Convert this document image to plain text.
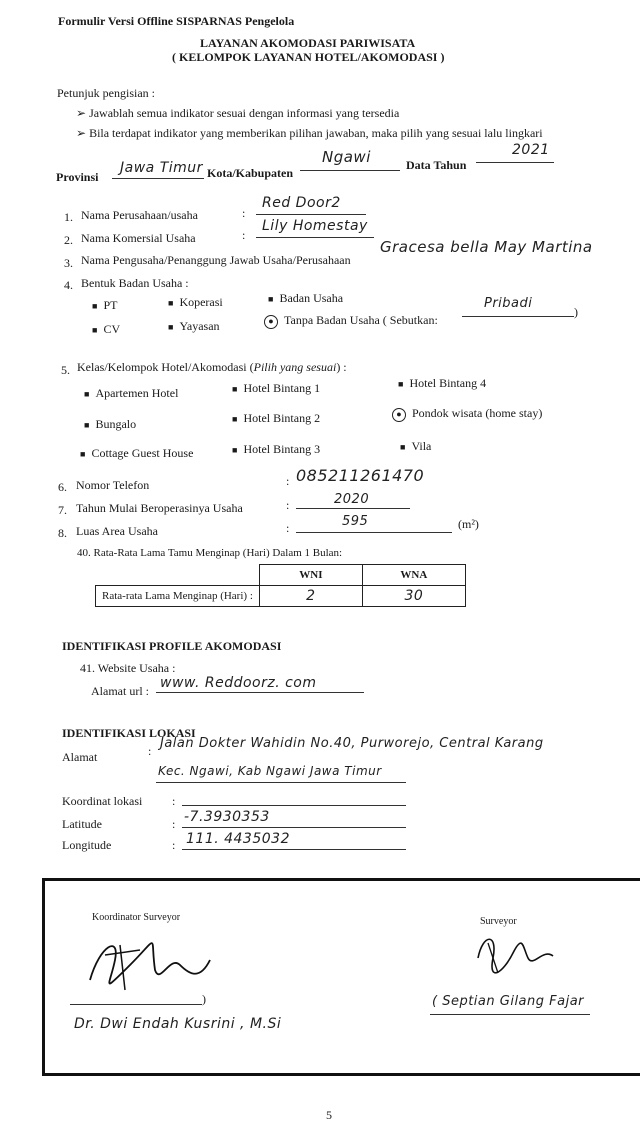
Formulir Versi Offline SISPARNAS Pengelola
LAYANAN AKOMODASI PARIWISATA
( KELOMPOK LAYANAN HOTEL/AKOMODASI )
Petunjuk pengisian :
➢ Jawablah semua indikator sesuai dengan informasi yang tersedia
➢ Bila terdapat indikator yang memberikan pilihan jawaban, maka pilih yang sesuai lalu lingkari
Provinsi
Jawa Timur Kota/Kabupaten
Ngawi	Data Tahun
2021
1. Nama Perusahaan/usaha	:
Red Door2
2. Nama Komersial Usaha	:
Lily Homestay
3. Nama Pengusaha/Penanggung Jawab Usaha/Perusahaan
Gracesa bella May Martina
4. Bentuk Badan Usaha :
■ PT	■ Koperasi	■ Badan Usaha
■ CV	■ Yayasan	● Tanpa Badan Usaha ( Sebutkan:
Pribadi
)
5. Kelas/Kelompok Hotel/Akomodasi (Pilih yang sesuai) :
■ Apartemen Hotel	■ Hotel Bintang 1	■ Hotel Bintang 4
■ Bungalo	■ Hotel Bintang 2	● Pondok wisata (home stay)
■ Cottage Guest House	■ Hotel Bintang 3	■ Vila
6. Nomor Telefon	: 085211261470
7. Tahun Mulai Beroperasinya Usaha	:	2020
8. Luas Area Usaha	:	595	(m²)
40. Rata-Rata Lama Tamu Menginap (Hari) Dalam 1 Bulan:
	WNI	WNA
Rata-rata Lama Menginap (Hari) :	2	30
IDENTIFIKASI PROFILE AKOMODASI
41. Website Usaha :
Alamat url : www. Reddoorz. com
IDENTIFIKASI LOKASI
Alamat	: Jalan Dokter Wahidin No.40, Purworejo, Central Karang
Kec. Ngawi, Kab Ngawi Jawa Timur
Koordinat lokasi :
Latitude	: -7.3930353
Longitude	: 111. 4435032
Koordinator Surveyor
)
Dr. Dwi Endah Kusrini , M.Si
Surveyor
( Septian Gilang Fajar
5
